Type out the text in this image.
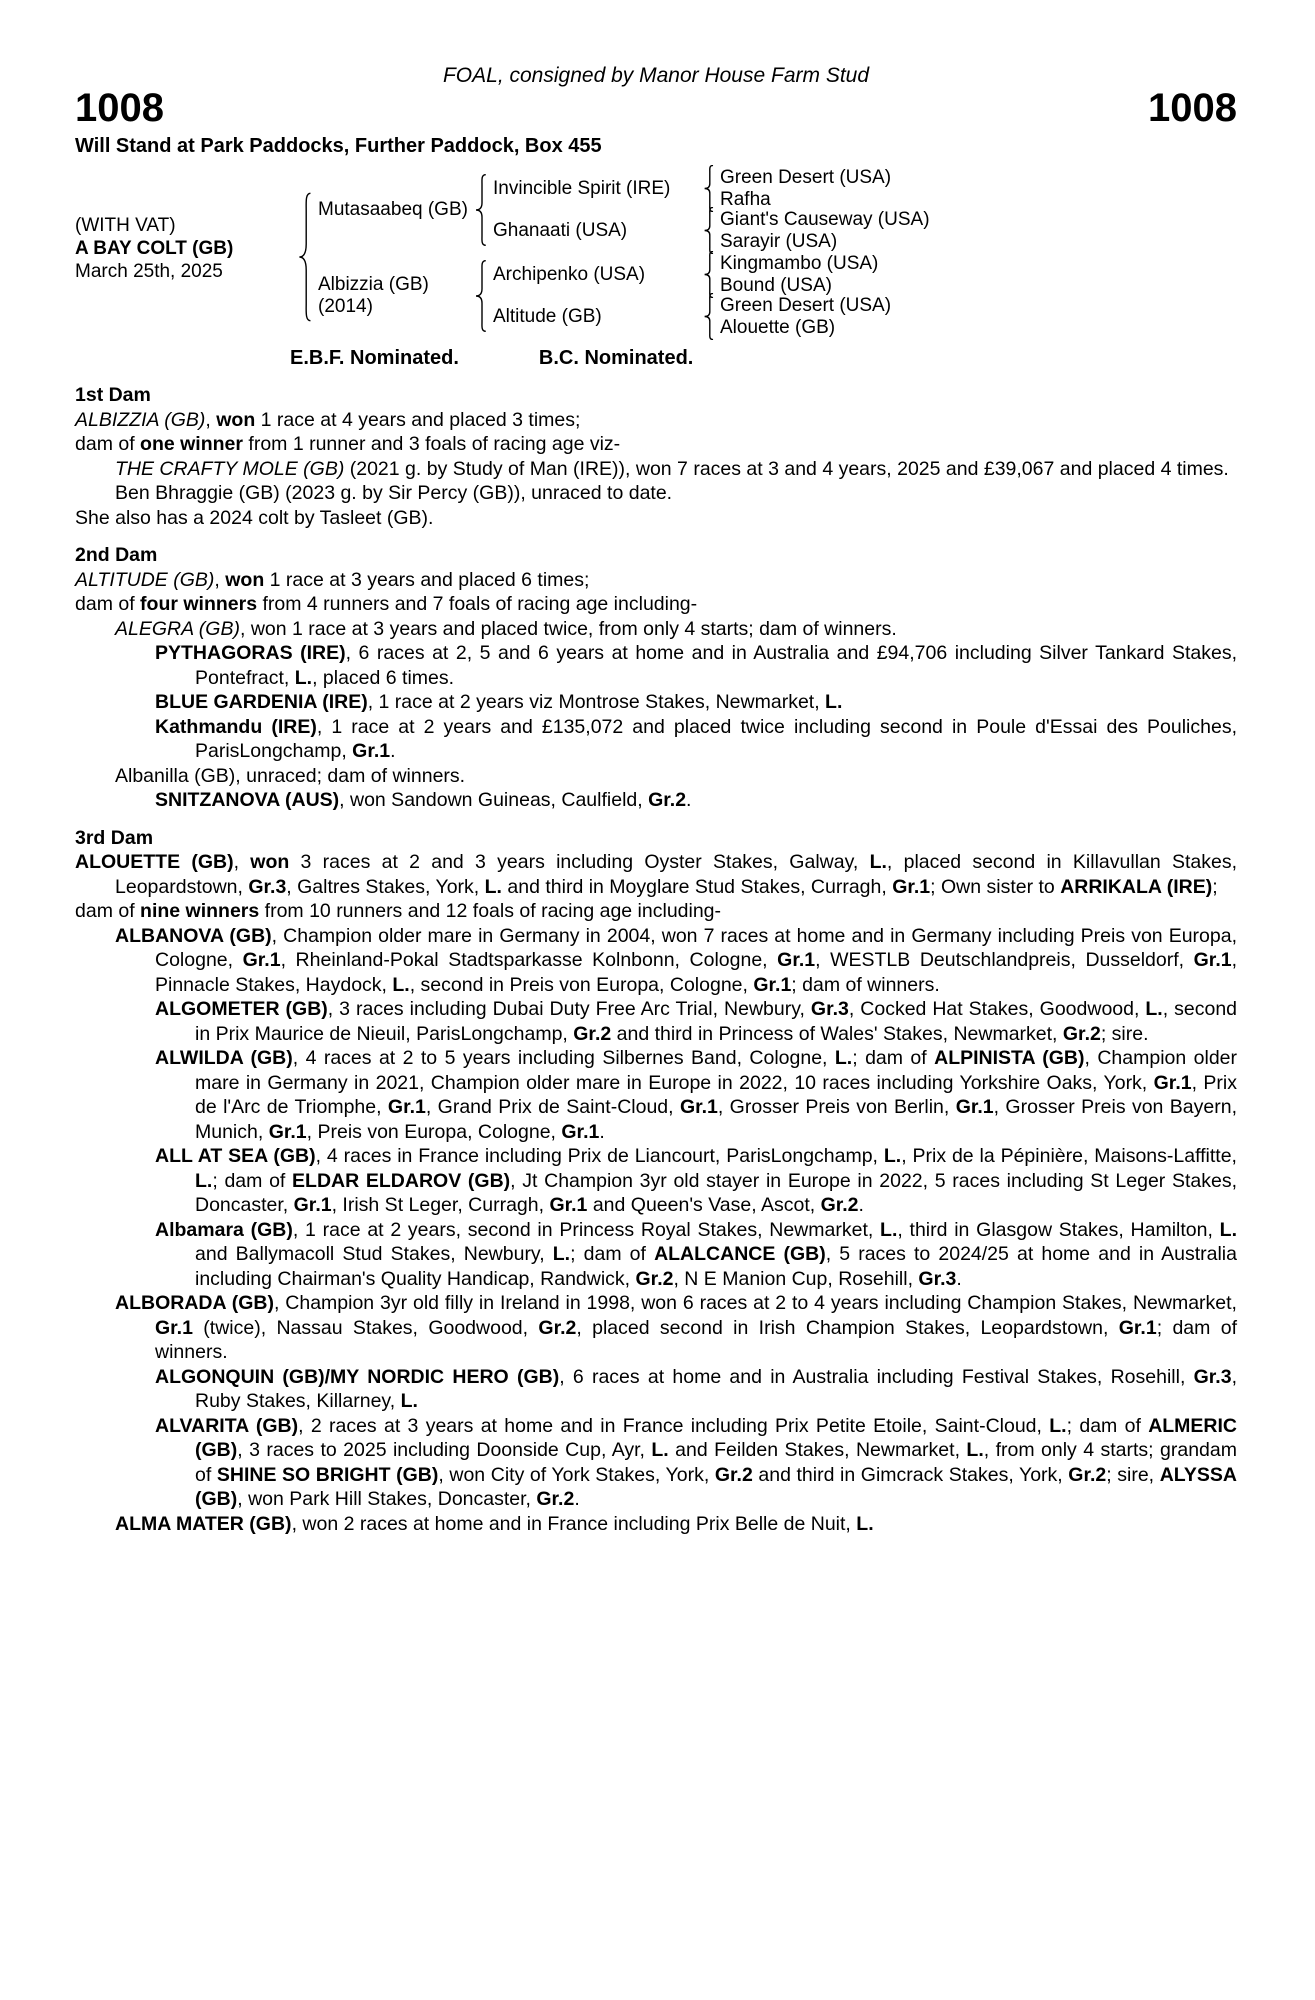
FOAL, consigned by Manor House Farm Stud
1008	1008
Will Stand at Park Paddocks, Further Paddock, Box 455
(WITH VAT)
A BAY COLT (GB)
March 25th, 2025
Mutasaabeq (GB)
Albizzia (GB)
(2014)
Invincible Spirit (IRE)
Ghanaati (USA)
Archipenko (USA)
Altitude (GB)
Green Desert (USA)
Rafha
Giant's Causeway (USA)
Sarayir (USA)
Kingmambo (USA)
Bound (USA)
Green Desert (USA)
Alouette (GB)
E.B.F. Nominated.	B.C. Nominated.
1st Dam

ALBIZZIA (GB), won 1 race at 4 years and placed 3 times;

dam of one winner from 1 runner and 3 foals of racing age viz-

THE CRAFTY MOLE (GB) (2021 g. by Study of Man (IRE)), won 7 races at 3 and 4 years, 2025 and £39,067 and placed 4 times.

Ben Bhraggie (GB) (2023 g. by Sir Percy (GB)), unraced to date.

She also has a 2024 colt by Tasleet (GB).

2nd Dam

ALTITUDE (GB), won 1 race at 3 years and placed 6 times;

dam of four winners from 4 runners and 7 foals of racing age including-

ALEGRA (GB), won 1 race at 3 years and placed twice, from only 4 starts; dam of winners.

PYTHAGORAS (IRE), 6 races at 2, 5 and 6 years at home and in Australia and £94,706 including Silver Tankard Stakes, Pontefract, L., placed 6 times.

BLUE GARDENIA (IRE), 1 race at 2 years viz Montrose Stakes, Newmarket, L.

Kathmandu (IRE), 1 race at 2 years and £135,072 and placed twice including second in Poule d'Essai des Pouliches, ParisLongchamp, Gr.1.

Albanilla (GB), unraced; dam of winners.

SNITZANOVA (AUS), won Sandown Guineas, Caulfield, Gr.2.

3rd Dam

ALOUETTE (GB), won 3 races at 2 and 3 years including Oyster Stakes, Galway, L., placed second in Killavullan Stakes, Leopardstown, Gr.3, Galtres Stakes, York, L. and third in Moyglare Stud Stakes, Curragh, Gr.1; Own sister to ARRIKALA (IRE);

dam of nine winners from 10 runners and 12 foals of racing age including-

ALBANOVA (GB), Champion older mare in Germany in 2004, won 7 races at home and in Germany including Preis von Europa, Cologne, Gr.1, Rheinland-Pokal Stadtsparkasse Kolnbonn, Cologne, Gr.1, WESTLB Deutschlandpreis, Dusseldorf, Gr.1, Pinnacle Stakes, Haydock, L., second in Preis von Europa, Cologne, Gr.1; dam of winners.

ALGOMETER (GB), 3 races including Dubai Duty Free Arc Trial, Newbury, Gr.3, Cocked Hat Stakes, Goodwood, L., second in Prix Maurice de Nieuil, ParisLongchamp, Gr.2 and third in Princess of Wales' Stakes, Newmarket, Gr.2; sire.

ALWILDA (GB), 4 races at 2 to 5 years including Silbernes Band, Cologne, L.; dam of ALPINISTA (GB), Champion older mare in Germany in 2021, Champion older mare in Europe in 2022, 10 races including Yorkshire Oaks, York, Gr.1, Prix de l'Arc de Triomphe, Gr.1, Grand Prix de Saint-Cloud, Gr.1, Grosser Preis von Berlin, Gr.1, Grosser Preis von Bayern, Munich, Gr.1, Preis von Europa, Cologne, Gr.1.

ALL AT SEA (GB), 4 races in France including Prix de Liancourt, ParisLongchamp, L., Prix de la Pépinière, Maisons-Laffitte, L.; dam of ELDAR ELDAROV (GB), Jt Champion 3yr old stayer in Europe in 2022, 5 races including St Leger Stakes, Doncaster, Gr.1, Irish St Leger, Curragh, Gr.1 and Queen's Vase, Ascot, Gr.2.

Albamara (GB), 1 race at 2 years, second in Princess Royal Stakes, Newmarket, L., third in Glasgow Stakes, Hamilton, L. and Ballymacoll Stud Stakes, Newbury, L.; dam of ALALCANCE (GB), 5 races to 2024/25 at home and in Australia including Chairman's Quality Handicap, Randwick, Gr.2, N E Manion Cup, Rosehill, Gr.3.

ALBORADA (GB), Champion 3yr old filly in Ireland in 1998, won 6 races at 2 to 4 years including Champion Stakes, Newmarket, Gr.1 (twice), Nassau Stakes, Goodwood, Gr.2, placed second in Irish Champion Stakes, Leopardstown, Gr.1; dam of winners.

ALGONQUIN (GB)/MY NORDIC HERO (GB), 6 races at home and in Australia including Festival Stakes, Rosehill, Gr.3, Ruby Stakes, Killarney, L.

ALVARITA (GB), 2 races at 3 years at home and in France including Prix Petite Etoile, Saint-Cloud, L.; dam of ALMERIC (GB), 3 races to 2025 including Doonside Cup, Ayr, L. and Feilden Stakes, Newmarket, L., from only 4 starts; grandam of SHINE SO BRIGHT (GB), won City of York Stakes, York, Gr.2 and third in Gimcrack Stakes, York, Gr.2; sire, ALYSSA (GB), won Park Hill Stakes, Doncaster, Gr.2.

ALMA MATER (GB), won 2 races at home and in France including Prix Belle de Nuit, L.
